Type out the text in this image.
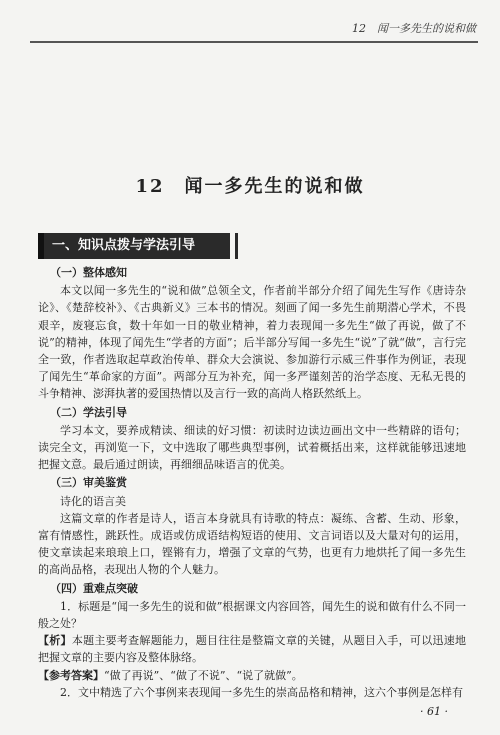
12　闻一多先生的说和做
12　闻一多先生的说和做
一、知识点拨与学法引导
（一）整体感知

本文以闻一多先生的“说和做”总领全文，作者前半部分介绍了闻先生写作《唐诗杂论》、《楚辞校补》、《古典新义》三本书的情况。刻画了闻一多先生前期潜心学术，不畏艰辛，废寝忘食，数十年如一日的敬业精神，着力表现闻一多先生“做了再说，做了不说”的精神，体现了闻先生“学者的方面”；后半部分写闻一多先生“说”了就“做”，言行完全一致，作者选取起草政治传单、群众大会演说、参加游行示威三件事作为例证，表现了闻先生“革命家的方面”。两部分互为补充，闻一多严谨刻苦的治学态度、无私无畏的斗争精神、澎湃执著的爱国热情以及言行一致的高尚人格跃然纸上。

（二）学法引导

学习本文，要养成精读、细读的好习惯：初读时边读边画出文中一些精辟的语句；读完全文，再浏览一下，文中选取了哪些典型事例，试着概括出来，这样就能够迅速地把握文意。最后通过朗读，再细细品味语言的优美。

（三）审美鉴赏

诗化的语言美

这篇文章的作者是诗人，语言本身就具有诗歌的特点：凝练、含蓄、生动、形象，富有情感性，跳跃性。成语或仿成语结构短语的使用、文言词语以及大量对句的运用，使文章读起来琅琅上口，铿锵有力，增强了文章的气势，也更有力地烘托了闻一多先生的高尚品格，表现出人物的个人魅力。

（四）重难点突破

1．标题是“闻一多先生的说和做”根据课文内容回答，闻先生的说和做有什么不同一般之处？

【析】本题主要考查解题能力，题目往往是整篇文章的关键，从题目入手，可以迅速地把握文章的主要内容及整体脉络。

【参考答案】“做了再说”、“做了不说”、“说了就做”。

2．文中精选了六个事例来表现闻一多先生的崇高品格和精神，这六个事例是怎样有

· 61 ·
